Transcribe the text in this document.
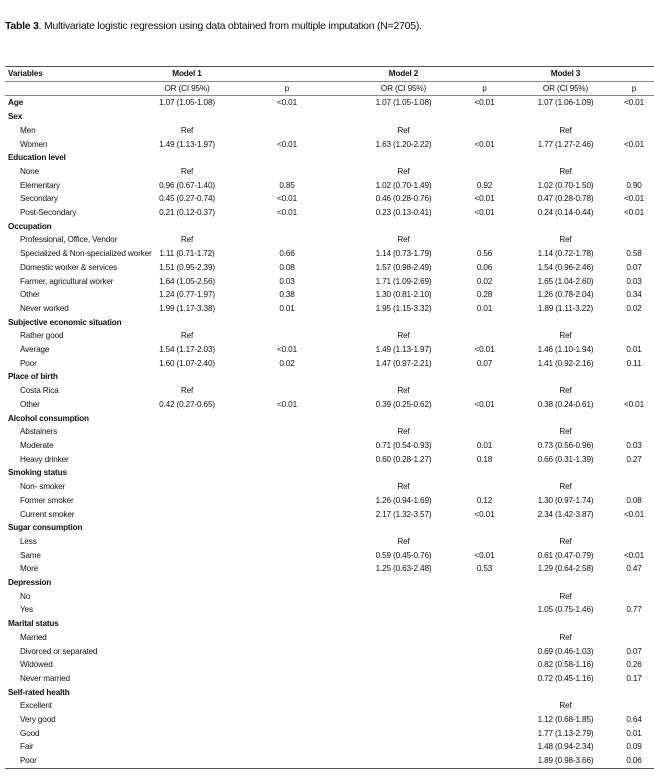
Table 3. Multivariate logistic regression using data obtained from multiple imputation (N=2705).
Variables	Model 1		Model 2		Model 3	
	OR (CI 95%)	p	OR (CI 95%)	p	OR (CI 95%)	p
Age	1.07 (1.05-1.08)	<0.01	1.07 (1.05-1.08)	<0.01	1.07 (1.06-1.09)	<0.01
Sex						
Men	Ref		Ref		Ref	
Women	1.49 (1.13-1.97)	<0.01	1.63 (1.20-2.22)	<0.01	1.77 (1.27-2.46)	<0.01
Education level						
None	Ref		Ref		Ref	
Elementary	0.96 (0.67-1.40)	0.85	1.02 (0.70-1.49)	0.92	1.02 (0.70-1.50)	0.90
Secondary	0.45 (0.27-0.74)	<0.01	0.46 (0.28-0.76)	<0.01	0.47 (0.28-0.78)	<0.01
Post-Secondary	0.21 (0.12-0.37)	<0.01	0.23 (0.13-0.41)	<0.01	0.24 (0.14-0.44)	<0.01
Occupation						
Professional, Office, Vendor	Ref		Ref		Ref	
Specialized & Non-specialized worker	1.11 (0.71-1.72)	0.66	1.14 (0.73-1.79)	0.56	1.14 (0.72-1.78)	0.58
Domestic worker & services	1.51 (0.95-2.39)	0.08	1.57 (0.98-2.49)	0.06	1.54 (0.96-2.46)	0.07
Farmer, agricultural worker	1.64 (1.05-2.56)	0.03	1.71 (1.09-2.69)	0.02	1.65 (1.04-2.60)	0.03
Other	1.24 (0.77-1.97)	0.38	1.30 (0.81-2.10)	0.28	1.26 (0.78-2.04)	0.34
Never worked	1.99 (1.17-3.38)	0.01	1.95 (1.15-3.32)	0.01	1.89 (1.11-3.22)	0.02
Subjective economic situation						
Rather good	Ref		Ref		Ref	
Average	1.54 (1.17-2.03)	<0.01	1.49 (1.13-1.97)	<0.01	1.46 (1.10-1.94)	0.01
Poor	1.60 (1.07-2.40)	0.02	1.47 (0.97-2.21)	0.07	1.41 (0.92-2.16)	0.11
Place of birth						
Costa Rica	Ref		Ref		Ref	
Other	0.42 (0.27-0.65)	<0.01	0.39 (0.25-0.62)	<0.01	0.38 (0.24-0.61)	<0.01
Alcohol consumption						
Abstainers			Ref		Ref	
Moderate			0.71 (0.54-0.93)	0.01	0.73 (0.56-0.96)	0.03
Heavy drinker			0.60 (0.28-1.27)	0.18	0.66 (0.31-1.39)	0.27
Smoking status						
Non- smoker			Ref		Ref	
Former smoker			1.26 (0.94-1.69)	0.12	1.30 (0.97-1.74)	0.08
Current smoker			2.17 (1.32-3.57)	<0.01	2.34 (1.42-3.87)	<0.01
Sugar consumption						
Less			Ref		Ref	
Same			0.59 (0.45-0.76)	<0.01	0.61 (0.47-0.79)	<0.01
More			1.25 (0.63-2.48)	0.53	1.29 (0.64-2.58)	0.47
Depression						
No					Ref	
Yes					1.05 (0.75-1.46)	0.77
Marital status						
Married					Ref	
Divorced or separated					0.69 (0.46-1.03)	0.07
Widowed					0.82 (0.58-1.16)	0.26
Never married					0.72 (0.45-1.16)	0.17
Self-rated health						
Excellent					Ref	
Very good					1.12 (0.68-1.85)	0.64
Good					1.77 (1.13-2.79)	0.01
Fair					1.48 (0.94-2.34)	0.09
Poor					1.89 (0.98-3.66)	0.06
